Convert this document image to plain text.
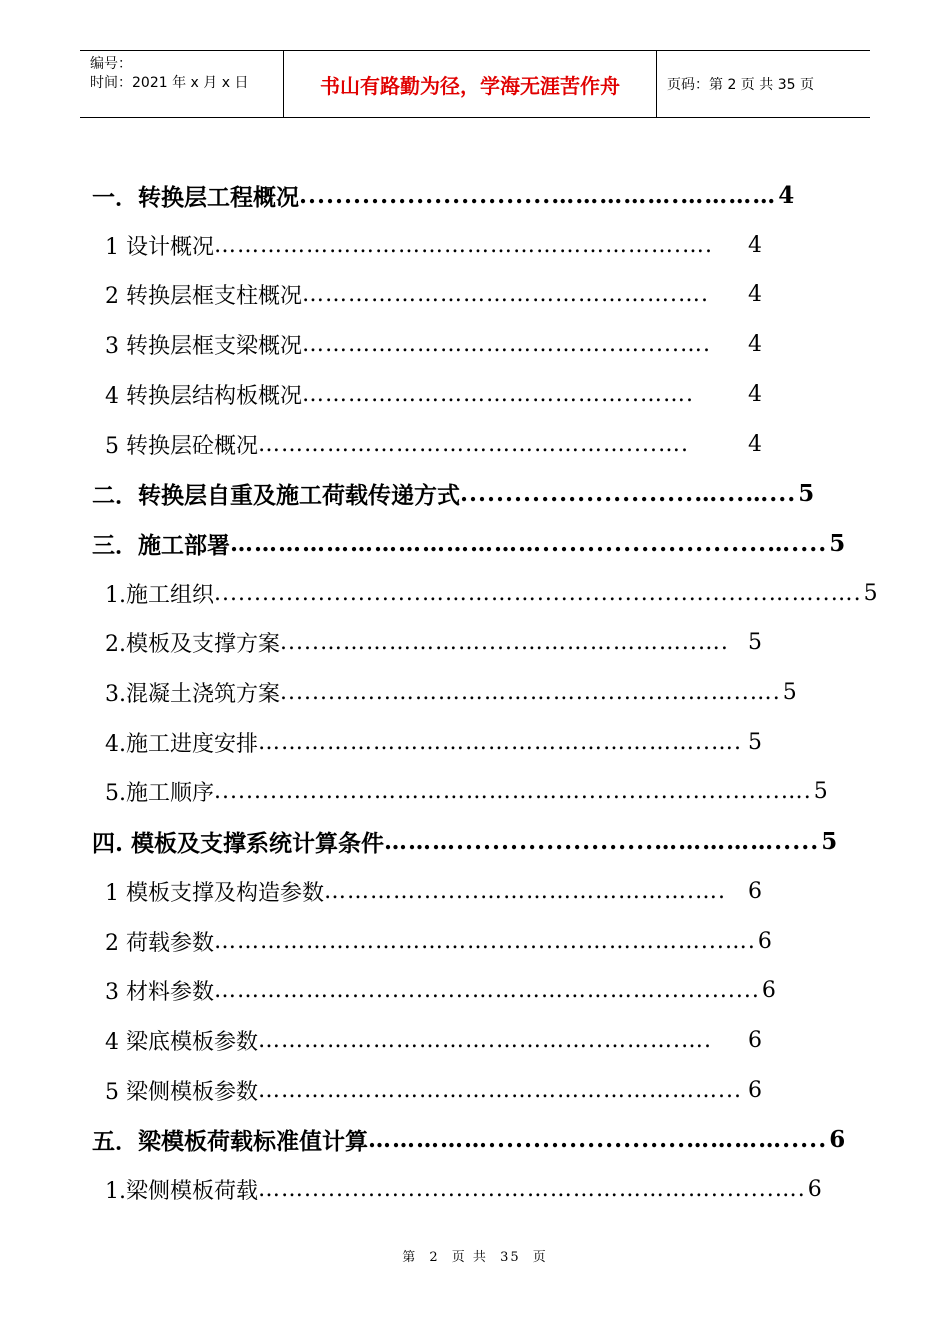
编号：
时间：2021 年 x 月 x 日	书山有路勤为径，学海无涯苦作舟	页码：第 2 页 共 35 页
一．转换层工程概况 ............................…………….………… 4
1 设计概况 …………………………………………………….….	4
2 转换层框支柱概况 ………………………………………….….	4
3 转换层框支梁概况 …………………………………..….....….	4
4 转换层结构板概况 ……………………………………..…….	4
5 转换层砼概况 …………………………………………....….	4
二．转换层自重及施工荷载传递方式 ..........................…...…... 5
三．施工部署 ………………………………….........................….... 5
1.施工组织 ..........................…………….............................……..…. 5
2.模板及支撑方案 .....………………….....…………………..…. 5
3.混凝土浇筑方案 ..............……………………..............……..…. 5
4.施工进度安排 …………………………………………………..…. 5
5.施工顺序 ....................……………………….........................…. 5
四. 模板及支撑系统计算条件 ………......................……………..... 5
1 模板支撑及构造参数 …………........……………………….….	6
2 荷载参数 ………………………………............……………...…. 6
3 材料参数 ………………...............……………………............. 6
4 梁底模板参数 ………………………….…………..……….….	6
5 梁侧模板参数 ……………………………………………………... 6
五．梁模板荷载标准值计算 ……………......................…………..... 6
1.梁侧模板荷载 …….........................………………………........…. 6
第 2 页 共 35 页
